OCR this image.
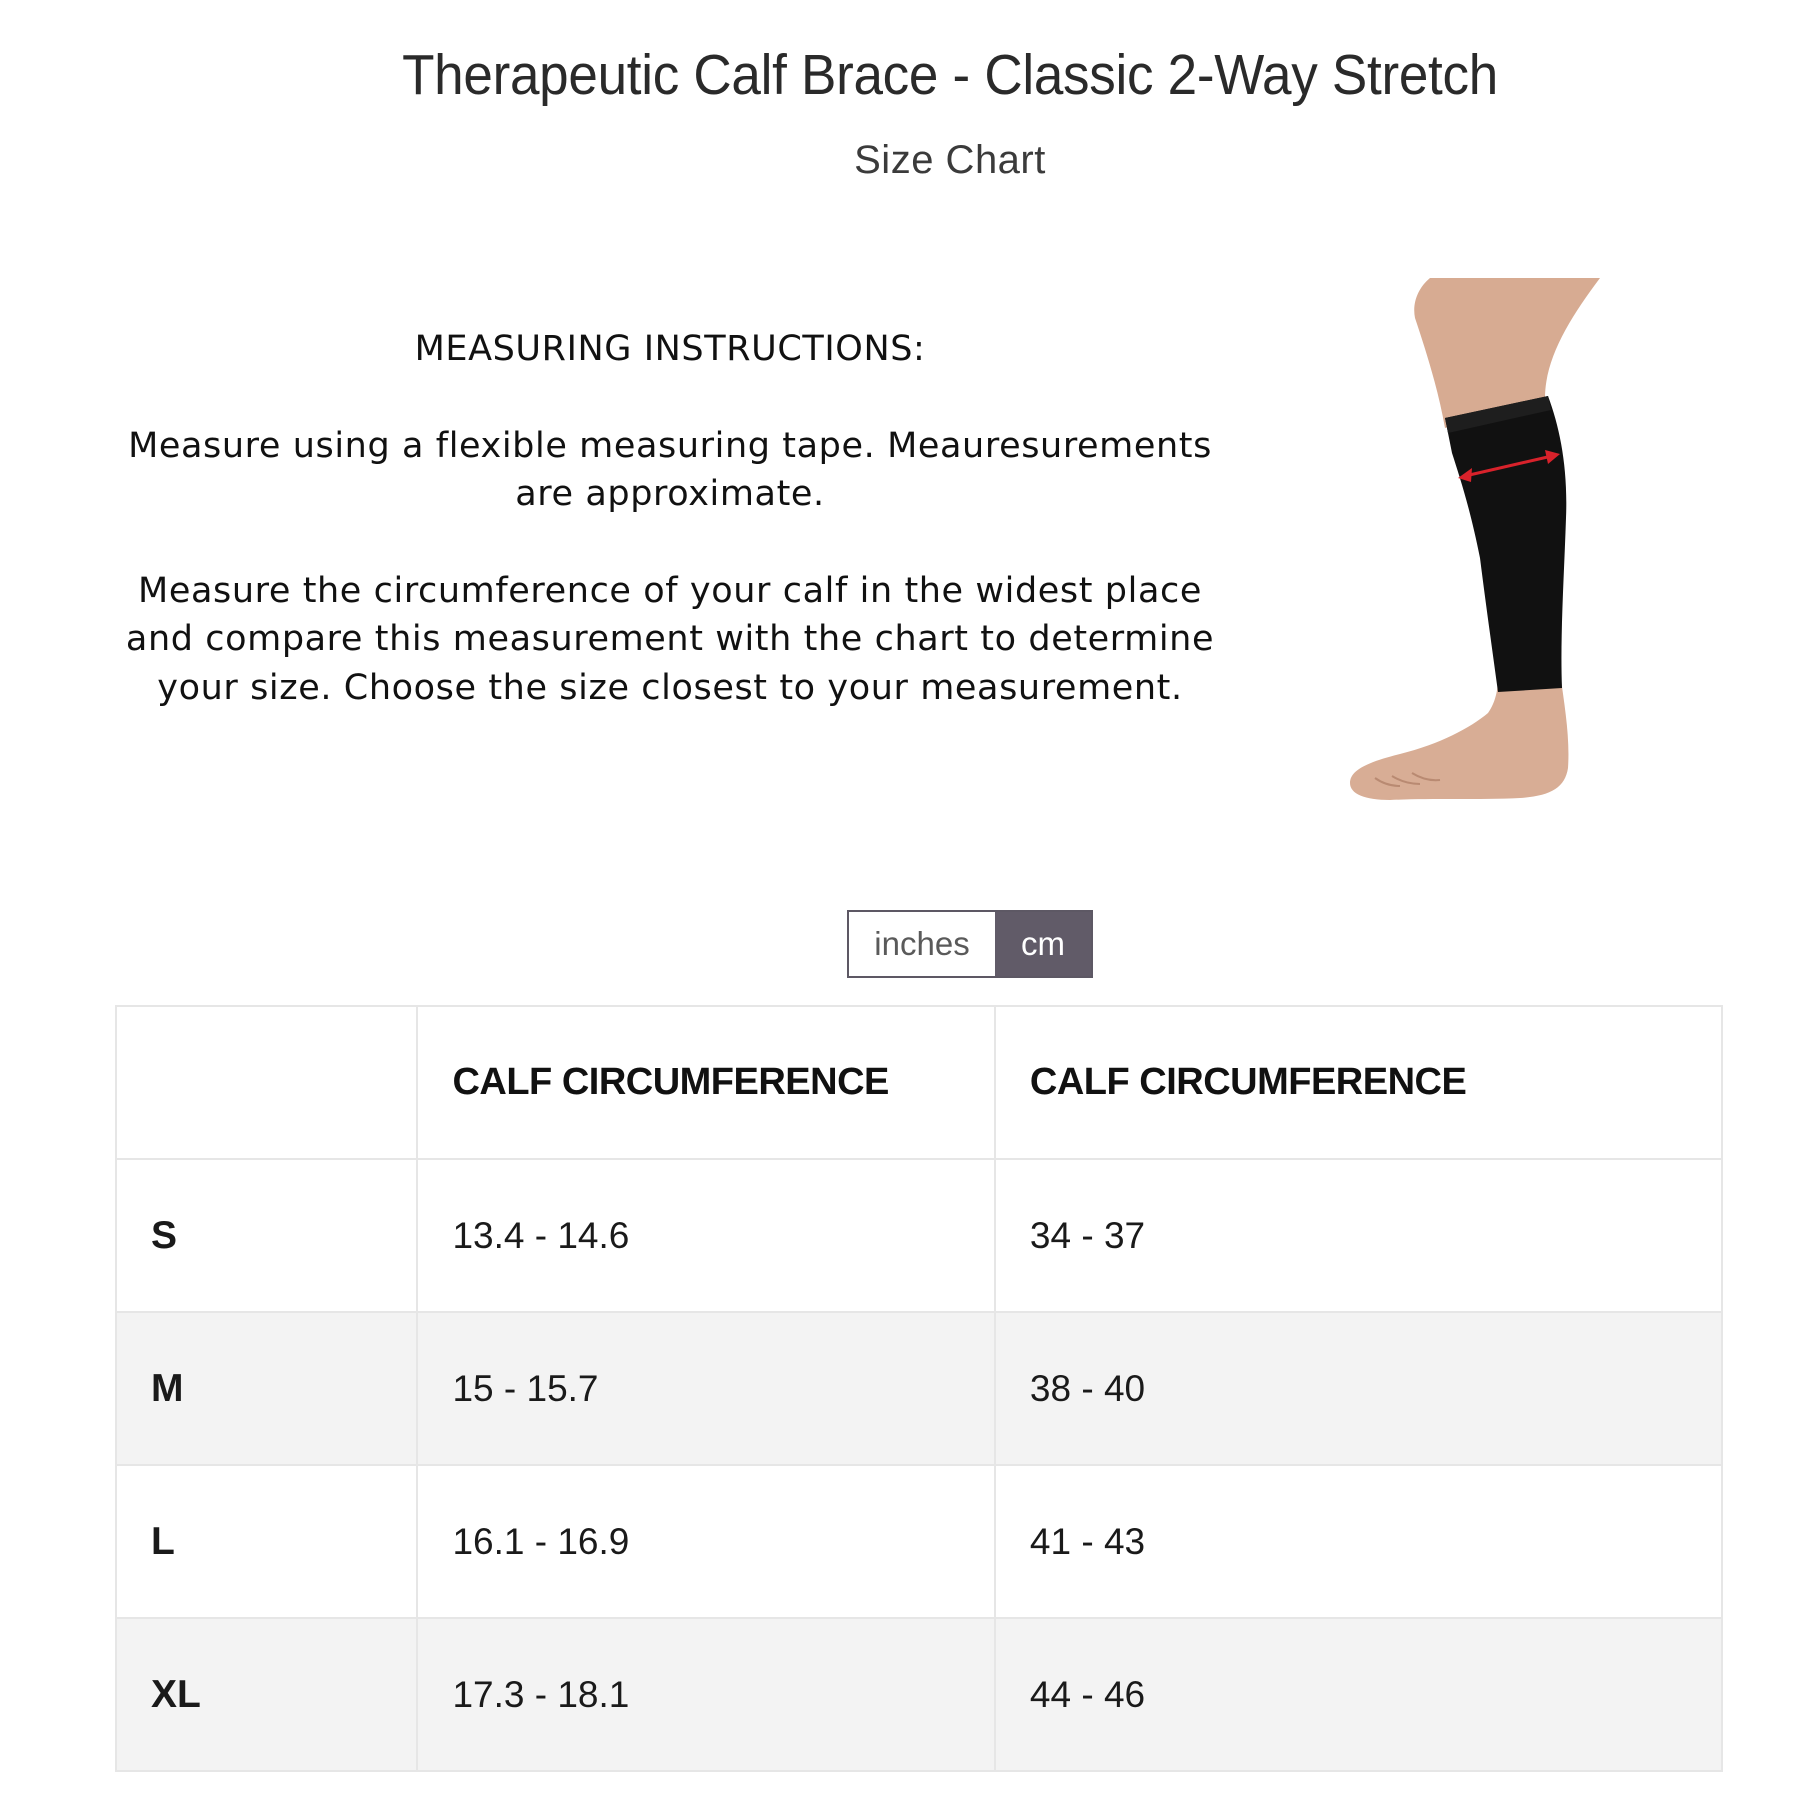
Therapeutic Calf Brace - Classic 2-Way Stretch
Size Chart

MEASURING INSTRUCTIONS:

Measure using a flexible measuring tape. Meauresurements are approximate.

Measure the circumference of your calf in the widest place and compare this measurement with the chart to determine your size. Choose the size closest to your measurement.

inches	cm
	CALF CIRCUMFERENCE	CALF CIRCUMFERENCE
S	13.4 - 14.6	34 - 37
M	15 - 15.7	38 - 40
L	16.1 - 16.9	41 - 43
XL	17.3 - 18.1	44 - 46
